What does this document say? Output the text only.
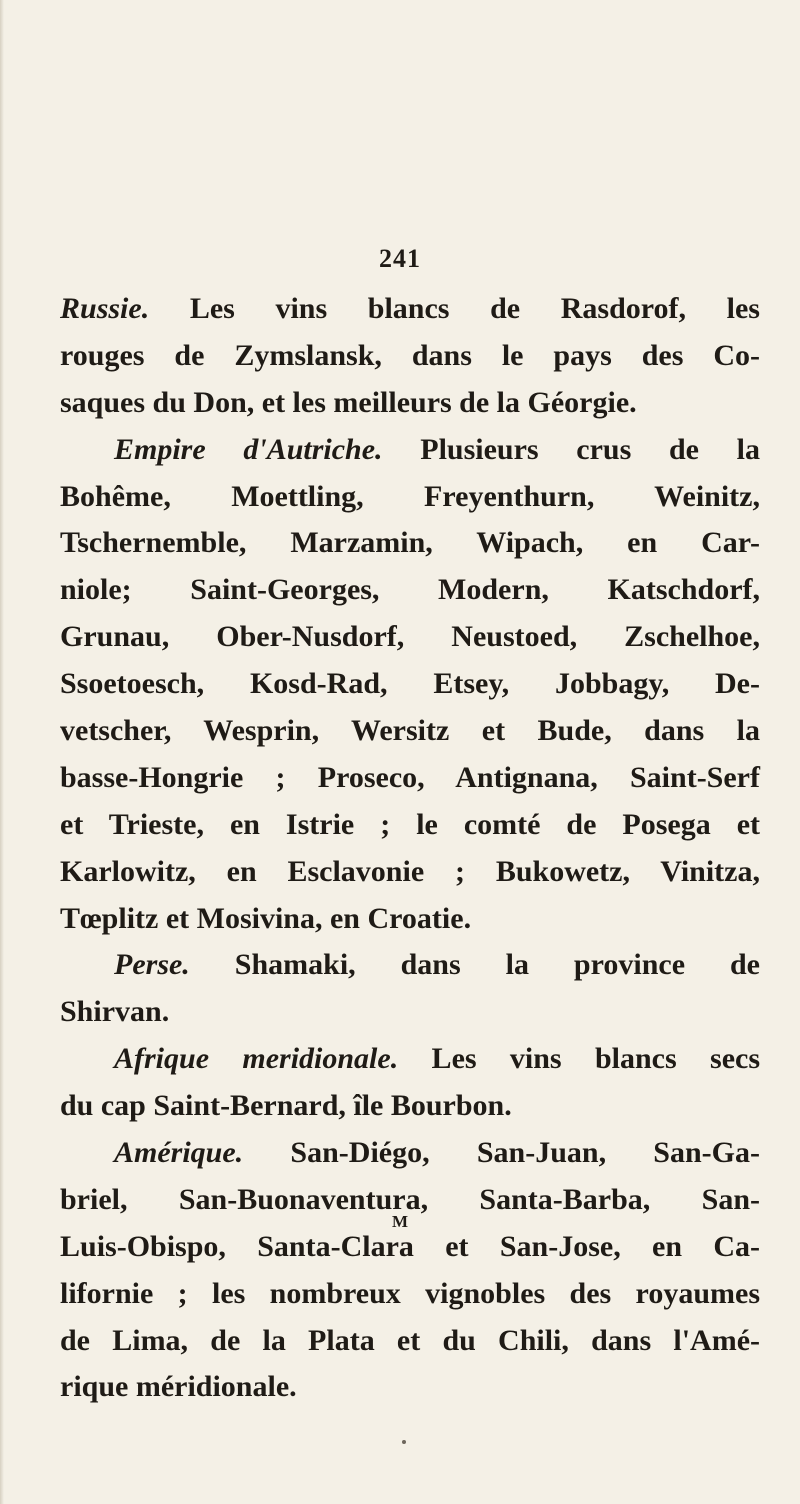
241
Russie. Les vins blancs de Rasdorof, les
rouges de Zymslansk, dans le pays des Co-
saques du Don, et les meilleurs de la Géorgie.
Empire d'Autriche. Plusieurs crus de la
Bohême, Moettling, Freyenthurn, Weinitz,
Tschernemble, Marzamin, Wipach, en Car-
niole; Saint-Georges, Modern, Katschdorf,
Grunau, Ober-Nusdorf, Neustoed, Zschelhoe,
Ssoetoesch, Kosd-Rad, Etsey, Jobbagy, De-
vetscher, Wesprin, Wersitz et Bude, dans la
basse-Hongrie ; Proseco, Antignana, Saint-Serf
et Trieste, en Istrie ; le comté de Posega et
Karlowitz, en Esclavonie ; Bukowetz, Vinitza,
Tœplitz et Mosivina, en Croatie.
Perse. Shamaki, dans la province de
Shirvan.
Afrique meridionale. Les vins blancs secs
du cap Saint-Bernard, île Bourbon.
Amérique. San-Diégo, San-Juan, San-Ga-
briel, San-Buonaventura, Santa-Barba, San-
Luis-Obispo, Santa-Clara et San-Jose, en Ca-
lifornie ; les nombreux vignobles des royaumes
de Lima, de la Plata et du Chili, dans l'Amé-
rique méridionale.
M
